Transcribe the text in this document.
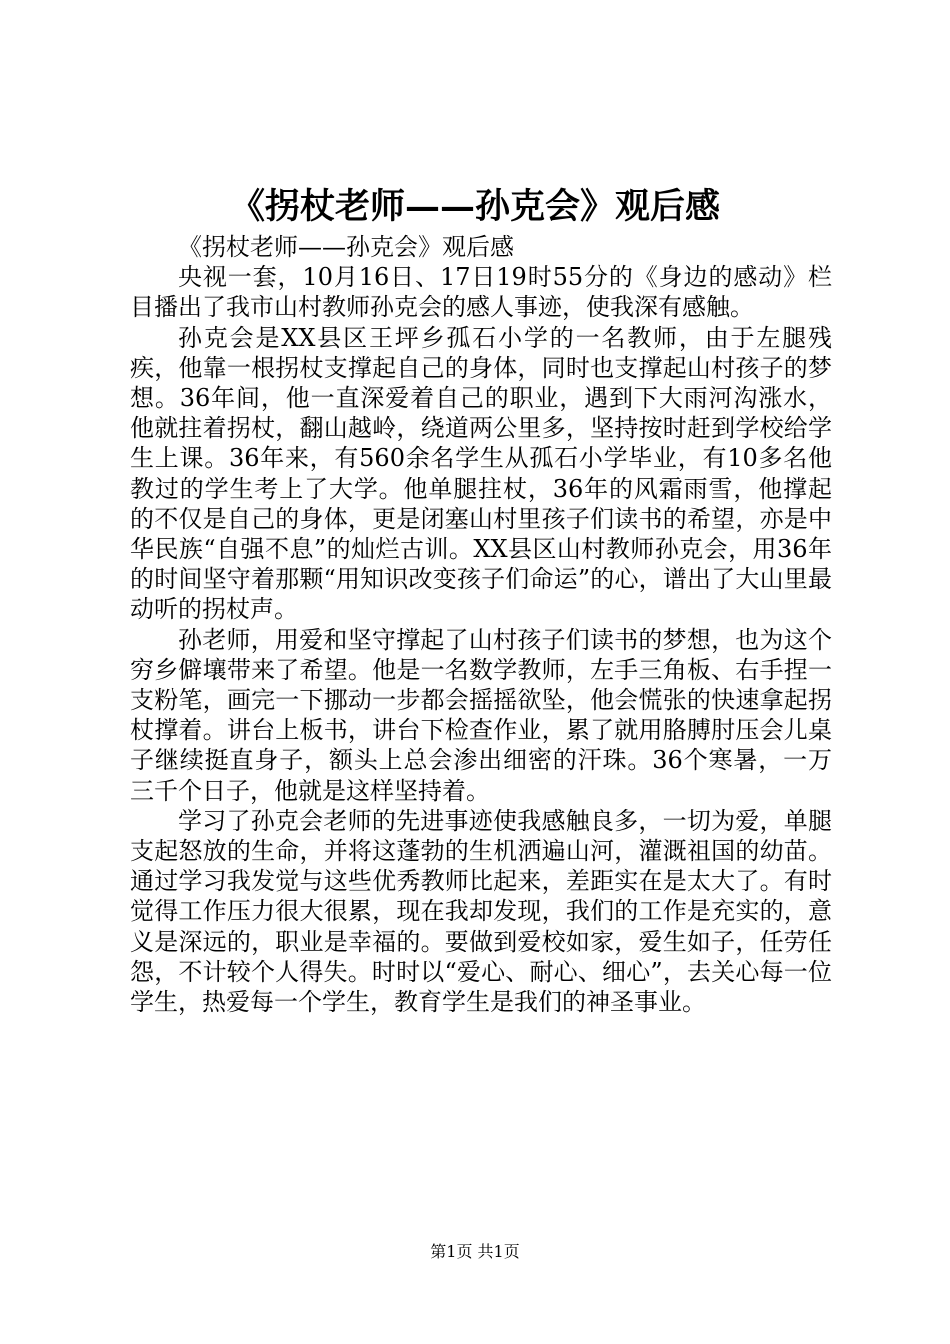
《拐杖老师——孙克会》观后感

《拐杖老师——孙克会》观后感

央视一套，10月16日、17日19时55分的《身边的感动》栏目播出了我市山村教师孙克会的感人事迹，使我深有感触。

孙克会是XX县区王坪乡孤石小学的一名教师，由于左腿残疾，他靠一根拐杖支撑起自己的身体，同时也支撑起山村孩子的梦想。36年间，他一直深爱着自己的职业，遇到下大雨河沟涨水，他就拄着拐杖，翻山越岭，绕道两公里多，坚持按时赶到学校给学生上课。36年来，有560余名学生从孤石小学毕业，有10多名他教过的学生考上了大学。他单腿拄杖，36年的风霜雨雪，他撑起的不仅是自己的身体，更是闭塞山村里孩子们读书的希望，亦是中华民族“自强不息”的灿烂古训。XX县区山村教师孙克会，用36年的时间坚守着那颗“用知识改变孩子们命运”的心，谱出了大山里最动听的拐杖声。

孙老师，用爱和坚守撑起了山村孩子们读书的梦想，也为这个穷乡僻壤带来了希望。他是一名数学教师，左手三角板、右手捏一支粉笔，画完一下挪动一步都会摇摇欲坠，他会慌张的快速拿起拐杖撑着。讲台上板书，讲台下检查作业，累了就用胳膊肘压会儿桌子继续挺直身子，额头上总会渗出细密的汗珠。36个寒暑，一万三千个日子，他就是这样坚持着。

学习了孙克会老师的先进事迹使我感触良多，一切为爱，单腿支起怒放的生命，并将这蓬勃的生机洒遍山河，灌溉祖国的幼苗。通过学习我发觉与这些优秀教师比起来，差距实在是太大了。有时觉得工作压力很大很累，现在我却发现，我们的工作是充实的，意义是深远的，职业是幸福的。要做到爱校如家，爱生如子，任劳任怨，不计较个人得失。时时以“爱心、耐心、细心”，去关心每一位学生，热爱每一个学生，教育学生是我们的神圣事业。

第1页 共1页
